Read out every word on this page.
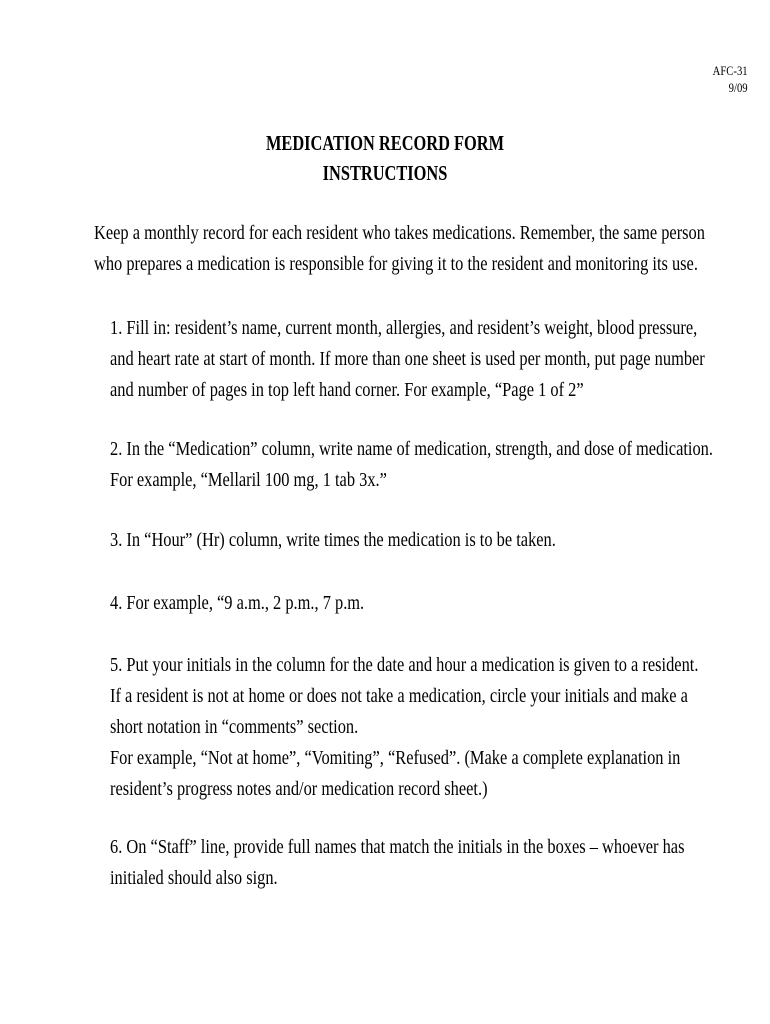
AFC-31
9/09
MEDICATION RECORD FORM
INSTRUCTIONS
Keep a monthly record for each resident who takes medications. Remember, the same person
who prepares a medication is responsible for giving it to the resident and monitoring its use.
1. Fill in: resident’s name, current month, allergies, and resident’s weight, blood pressure,
and heart rate at start of month. If more than one sheet is used per month, put page number
and number of pages in top left hand corner. For example, “Page 1 of 2”
2. In the “Medication” column, write name of medication, strength, and dose of medication.
For example, “Mellaril 100 mg, 1 tab 3x.”
3. In “Hour” (Hr) column, write times the medication is to be taken.
4. For example, “9 a.m., 2 p.m., 7 p.m.
5. Put your initials in the column for the date and hour a medication is given to a resident.
If a resident is not at home or does not take a medication, circle your initials and make a
short notation in “comments” section.
For example, “Not at home”, “Vomiting”, “Refused”. (Make a complete explanation in
resident’s progress notes and/or medication record sheet.)
6. On “Staff” line, provide full names that match the initials in the boxes – whoever has
initialed should also sign.
